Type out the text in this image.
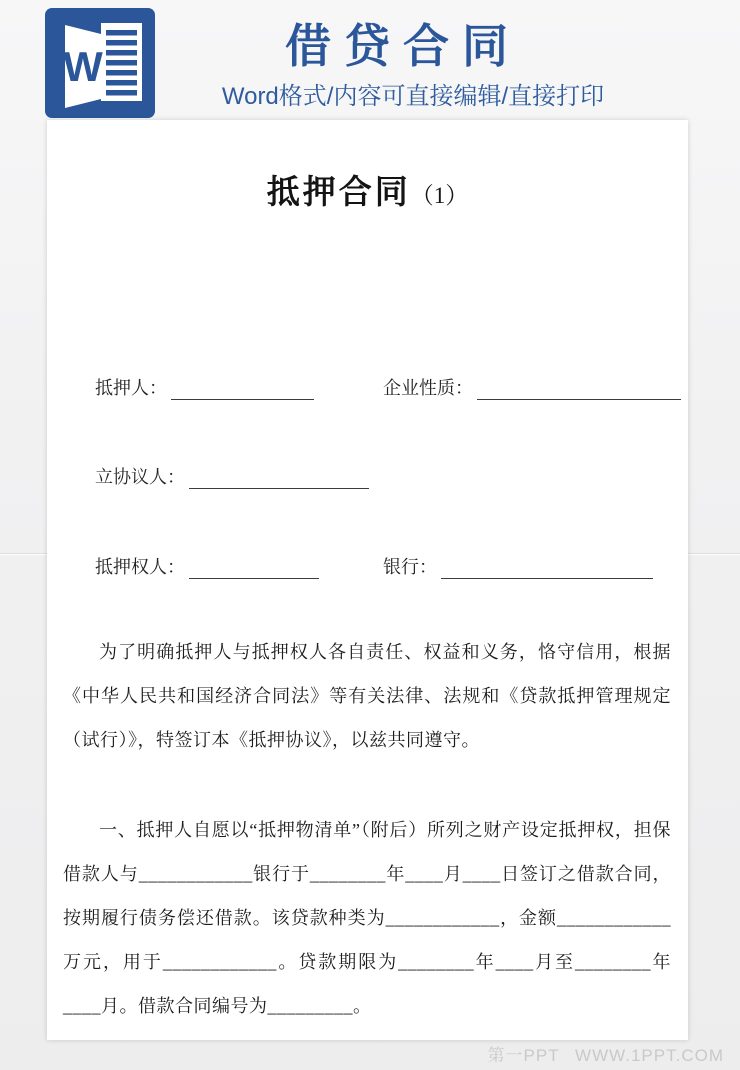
W	借贷合同
Word格式/内容可直接编辑/直接打印
抵押合同（1）
抵押人：	企业性质：
立协议人：
抵押权人：	银行：

为了明确抵押人与抵押权人各自责任、权益和义务，恪守信用，根据《中华人民共和国经济合同法》等有关法律、法规和《贷款抵押管理规定（试行）》，特签订本《抵押协议》，以兹共同遵守。

一、抵押人自愿以“抵押物清单”（附后）所列之财产设定抵押权，担保借款人与____________银行于________年____月____日签订之借款合同，按期履行债务偿还借款。该贷款种类为____________，金额____________万元，用于____________。贷款期限为________年____月至________年____月。借款合同编号为_________。

第一PPT WWW.1PPT.COM
